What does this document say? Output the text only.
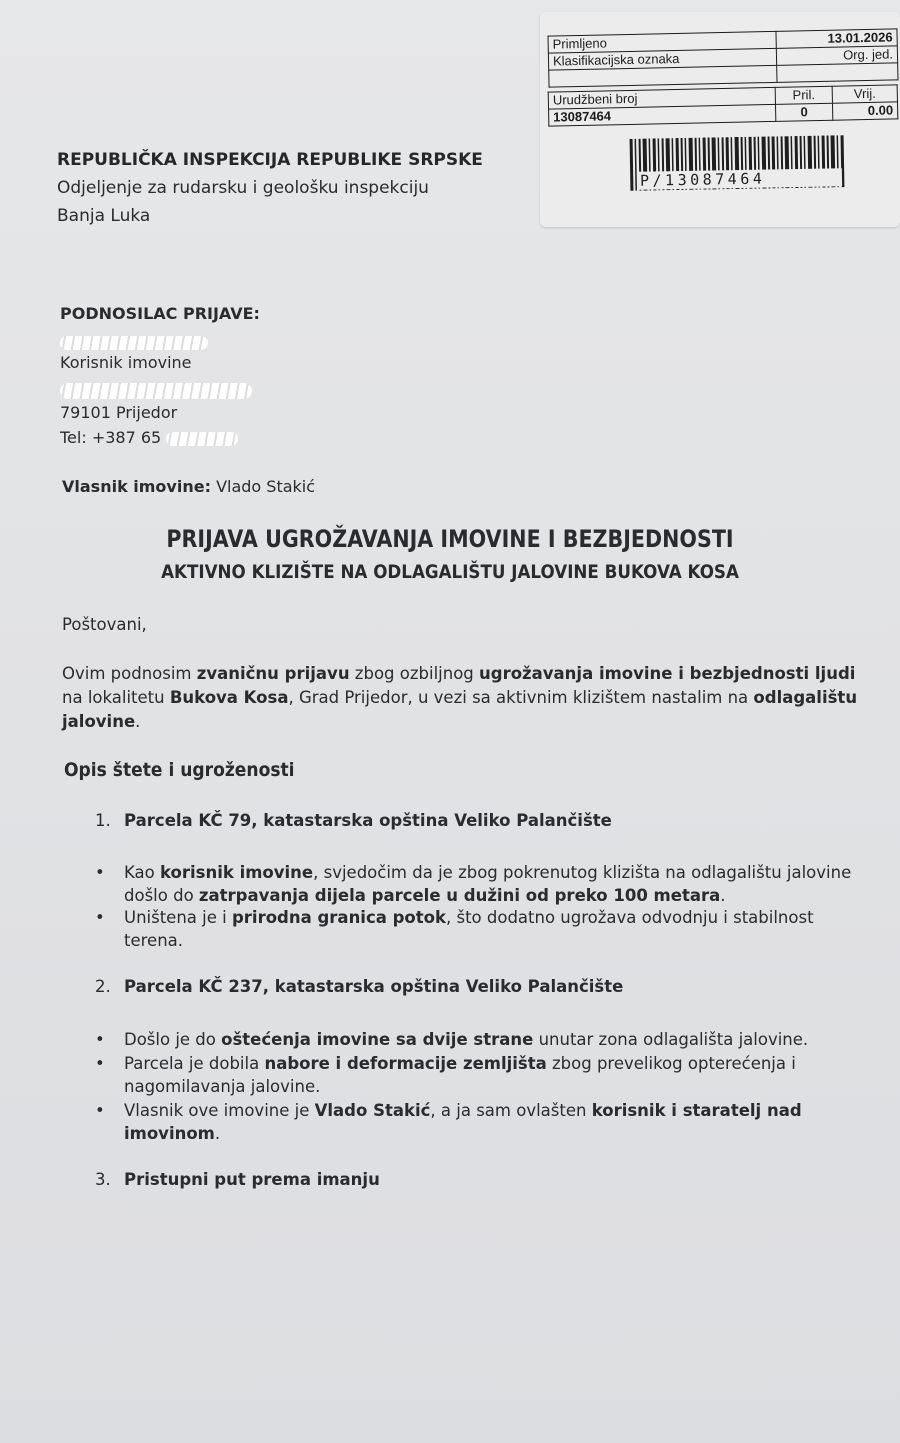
Primljeno	13.01.2026
Klasifikacijska oznaka	Org. jed.

Urudžbeni broj	Pril.	Vrij.
13087464	0	0.00
P/13087464
REPUBLIČKA INSPEKCIJA REPUBLIKE SRPSKE
Odjeljenje za rudarsku i geološku inspekciju
Banja Luka
PODNOSILAC PRIJAVE:
Korisnik imovine
79101 Prijedor
Tel: +387 65
Vlasnik imovine: Vlado Stakić
PRIJAVA UGROŽAVANJA IMOVINE I BEZBJEDNOSTI
AKTIVNO KLIZIŠTE NA ODLAGALIŠTU JALOVINE BUKOVA KOSA
Poštovani,
Ovim podnosim zvaničnu prijavu zbog ozbiljnog ugrožavanja imovine i bezbjednosti ljudi na lokalitetu Bukova Kosa, Grad Prijedor, u vezi sa aktivnim klizištem nastalim na odlagalištu jalovine.
Opis štete i ugroženosti
1. Parcela KČ 79, katastarska opština Veliko Palančište
• Kao korisnik imovine, svjedočim da je zbog pokrenutog klizišta na odlagalištu jalovine došlo do zatrpavanja dijela parcele u dužini od preko 100 metara.
• Uništena je i prirodna granica potok, što dodatno ugrožava odvodnju i stabilnost terena.
2. Parcela KČ 237, katastarska opština Veliko Palančište
• Došlo je do oštećenja imovine sa dvije strane unutar zona odlagališta jalovine.
• Parcela je dobila nabore i deformacije zemljišta zbog prevelikog opterećenja i nagomilavanja jalovine.
• Vlasnik ove imovine je Vlado Stakić, a ja sam ovlašten korisnik i staratelj nad imovinom.
3. Pristupni put prema imanju
